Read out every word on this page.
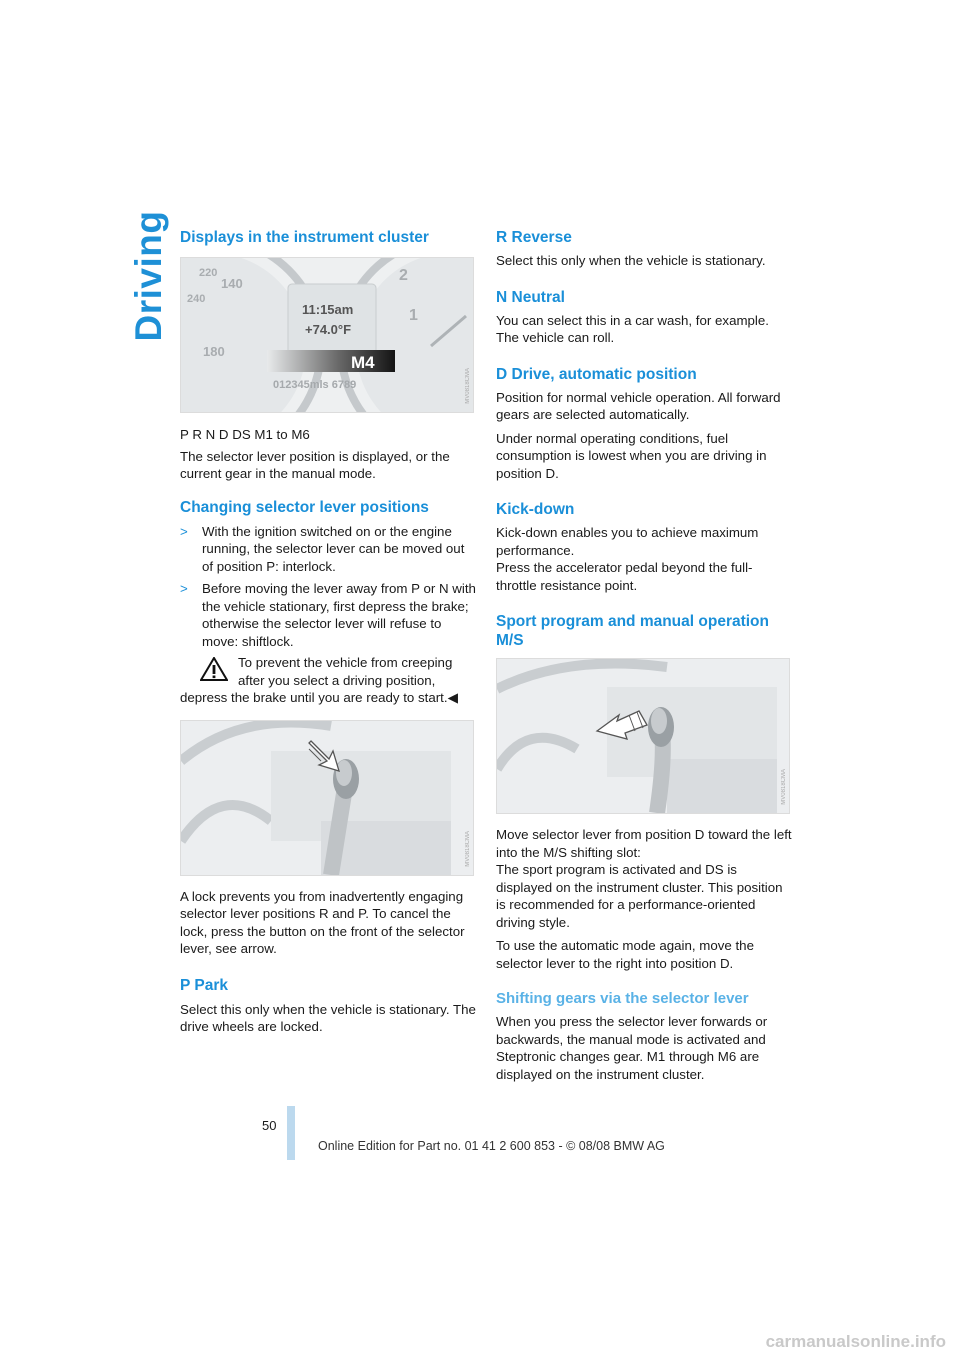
Driving Displays in the instrument cluster
220
140
240
180
2
1
11:15am
+74.0°F
M4
012345mls 6789	MV0818CMA

P R N D DS M1 to M6

The selector lever position is displayed, or the current gear in the manual mode.

Changing selector lever positions
> With the ignition switched on or the engine running, the selector lever can be moved out of position P: interlock.
> Before moving the lever away from P or N with the vehicle stationary, first depress the brake; otherwise the selector lever will refuse to move: shiftlock.
To prevent the vehicle from creeping
after you select a driving position,
depress the brake until you are ready to start.◀
MV0818CMA

A lock prevents you from inadvertently engaging selector lever positions R and P. To cancel the lock, press the button on the front of the selector lever, see arrow.

P Park

Select this only when the vehicle is stationary. The drive wheels are locked.

R Reverse

Select this only when the vehicle is stationary.

N Neutral

You can select this in a car wash, for example. The vehicle can roll.

D Drive, automatic position

Position for normal vehicle operation. All forward gears are selected automatically.

Under normal operating conditions, fuel consumption is lowest when you are driving in position D.

Kick-down

Kick-down enables you to achieve maximum performance.

Press the accelerator pedal beyond the full-throttle resistance point.

Sport program and manual operation M/S
MV0818CMA

Move selector lever from position D toward the left into the M/S shifting slot:

The sport program is activated and DS is displayed on the instrument cluster. This position is recommended for a performance-oriented driving style.

To use the automatic mode again, move the selector lever to the right into position D.

Shifting gears via the selector lever

When you press the selector lever forwards or backwards, the manual mode is activated and Steptronic changes gear. M1 through M6 are displayed on the instrument cluster.

50
Online Edition for Part no. 01 41 2 600 853 - © 08/08 BMW AG
carmanualsonline.info
